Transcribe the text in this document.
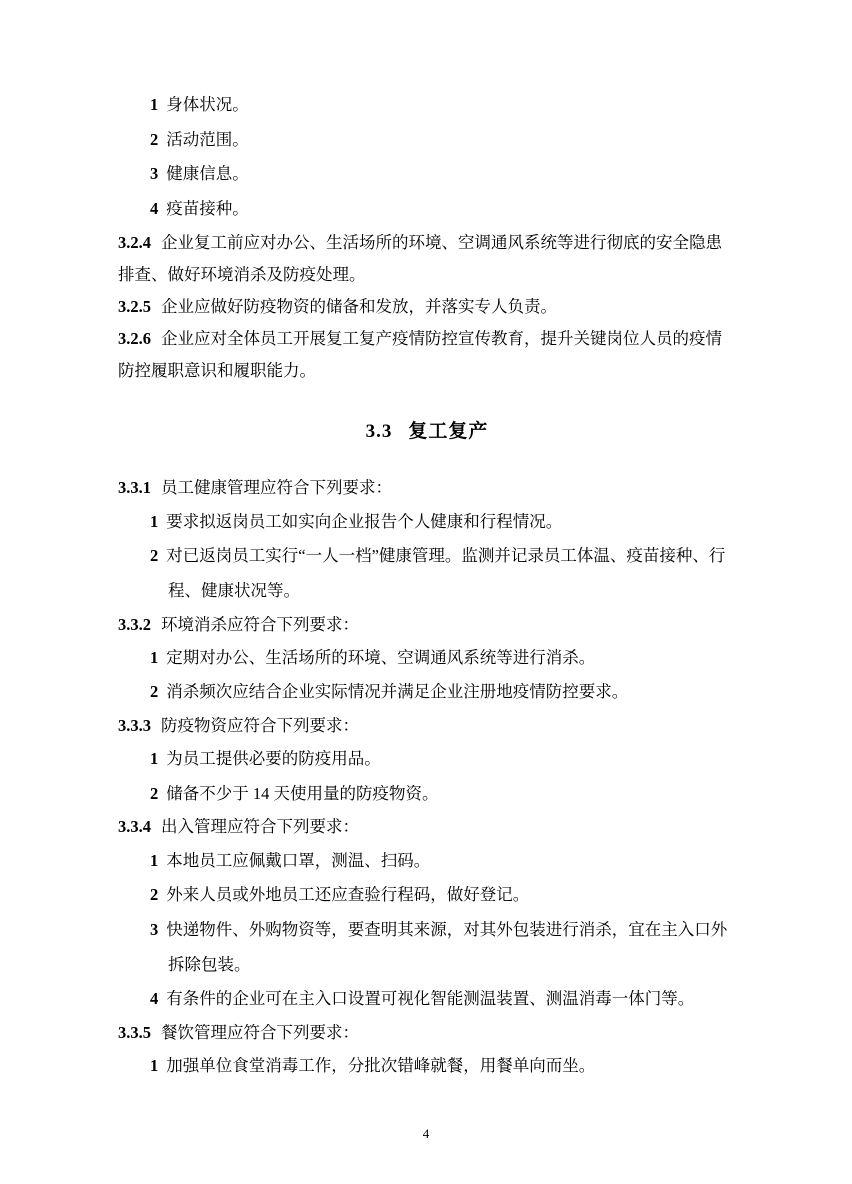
1 身体状况。
2 活动范围。
3 健康信息。
4 疫苗接种。
3.2.4 企业复工前应对办公、生活场所的环境、空调通风系统等进行彻底的安全隐患排查、做好环境消杀及防疫处理。
3.2.5 企业应做好防疫物资的储备和发放，并落实专人负责。
3.2.6 企业应对全体员工开展复工复产疫情防控宣传教育，提升关键岗位人员的疫情防控履职意识和履职能力。
3.3 复工复产
3.3.1 员工健康管理应符合下列要求：
1 要求拟返岗员工如实向企业报告个人健康和行程情况。
2 对已返岗员工实行“一人一档”健康管理。监测并记录员工体温、疫苗接种、行程、健康状况等。
3.3.2 环境消杀应符合下列要求：
1 定期对办公、生活场所的环境、空调通风系统等进行消杀。
2 消杀频次应结合企业实际情况并满足企业注册地疫情防控要求。
3.3.3 防疫物资应符合下列要求：
1 为员工提供必要的防疫用品。
2 储备不少于 14 天使用量的防疫物资。
3.3.4 出入管理应符合下列要求：
1 本地员工应佩戴口罩，测温、扫码。
2 外来人员或外地员工还应查验行程码，做好登记。
3 快递物件、外购物资等，要查明其来源，对其外包装进行消杀，宜在主入口外拆除包装。
4 有条件的企业可在主入口设置可视化智能测温装置、测温消毒一体门等。
3.3.5 餐饮管理应符合下列要求：
1 加强单位食堂消毒工作，分批次错峰就餐，用餐单向而坐。
4
